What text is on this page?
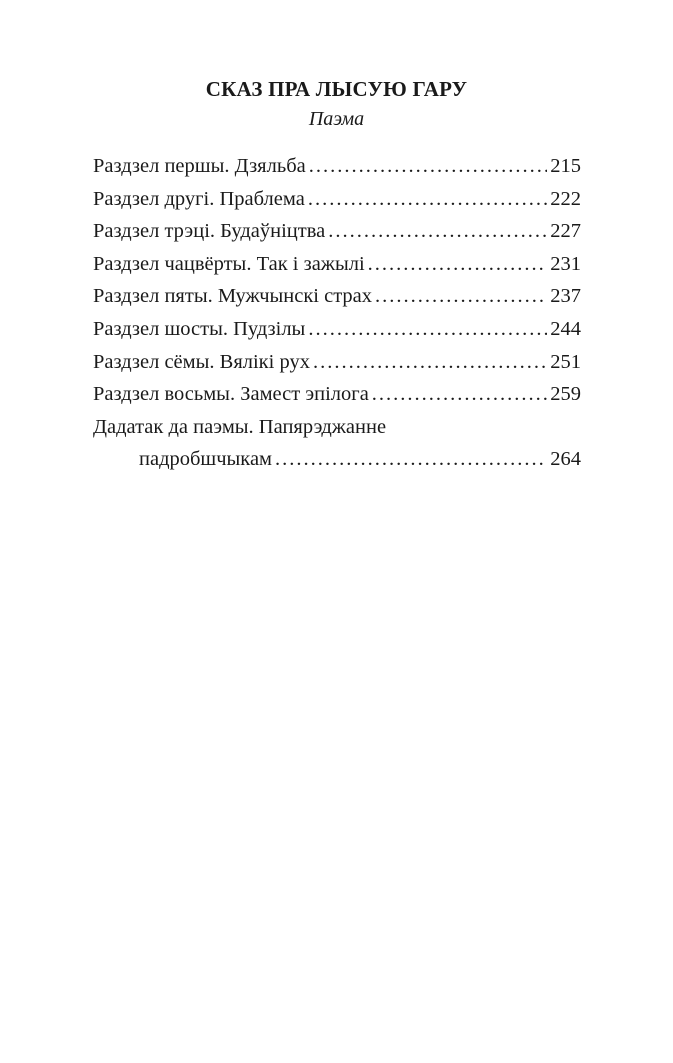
СКАЗ ПРА ЛЫСУЮ ГАРУ
Паэма
Раздзел першы. Дзяльба .....	215
Раздзел другі. Праблема .....	222
Раздзел трэці. Будаўніцтва .....	227
Раздзел чацвёрты. Так і зажылі .....	231
Раздзел пяты. Мужчынскі страх .....	237
Раздзел шосты. Пудзілы .....	244
Раздзел сёмы. Вялікі рух .....	251
Раздзел восьмы. Замест эпілога .....	259
Дадатак да паэмы. Папярэджанне
падробшчыкам .....	264
